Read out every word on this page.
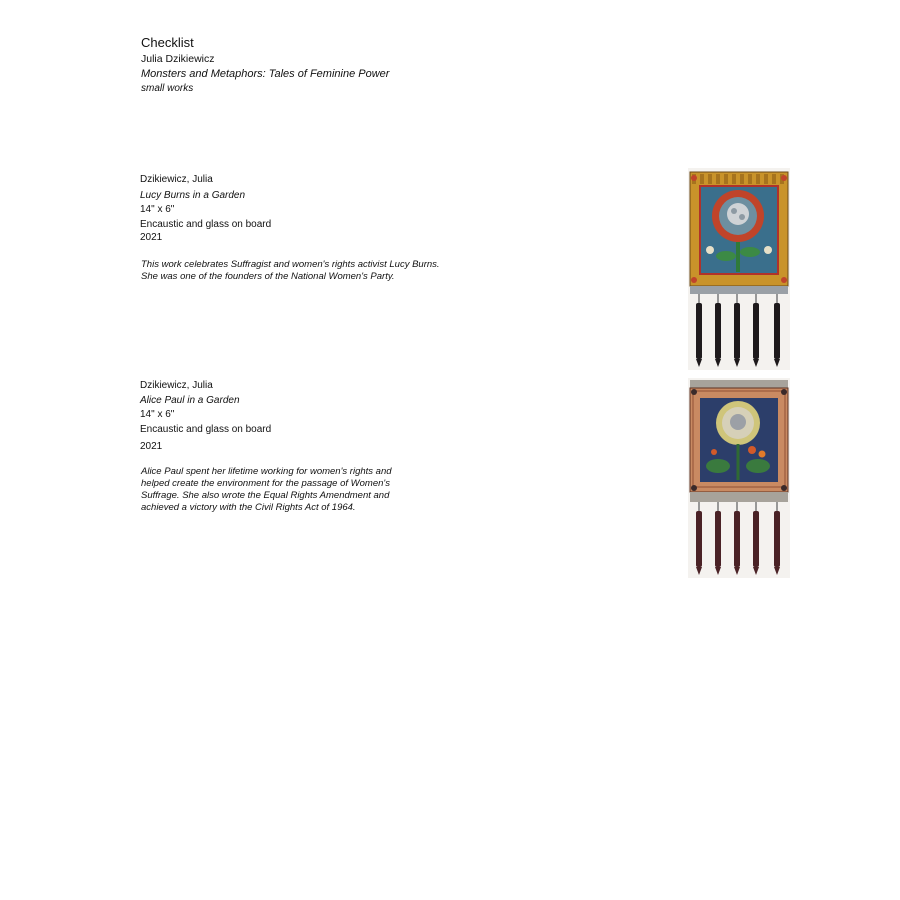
Checklist
Julia Dzikiewicz
Monsters and Metaphors: Tales of Feminine Power
small works
Dzikiewicz, Julia
Lucy Burns in a Garden
14" x 6"
Encaustic and glass on board
2021
This work celebrates Suffragist and women's rights activist Lucy Burns.
She was one of the founders of the National Women's Party.
Dzikiewicz, Julia
Alice Paul in a Garden
14" x 6"
Encaustic and glass on board
2021
Alice Paul spent her lifetime working for women's rights and
helped create the environment for the passage of Women's
Suffrage. She also wrote the Equal Rights Amendment and
achieved a victory with the Civil Rights Act of 1964.
